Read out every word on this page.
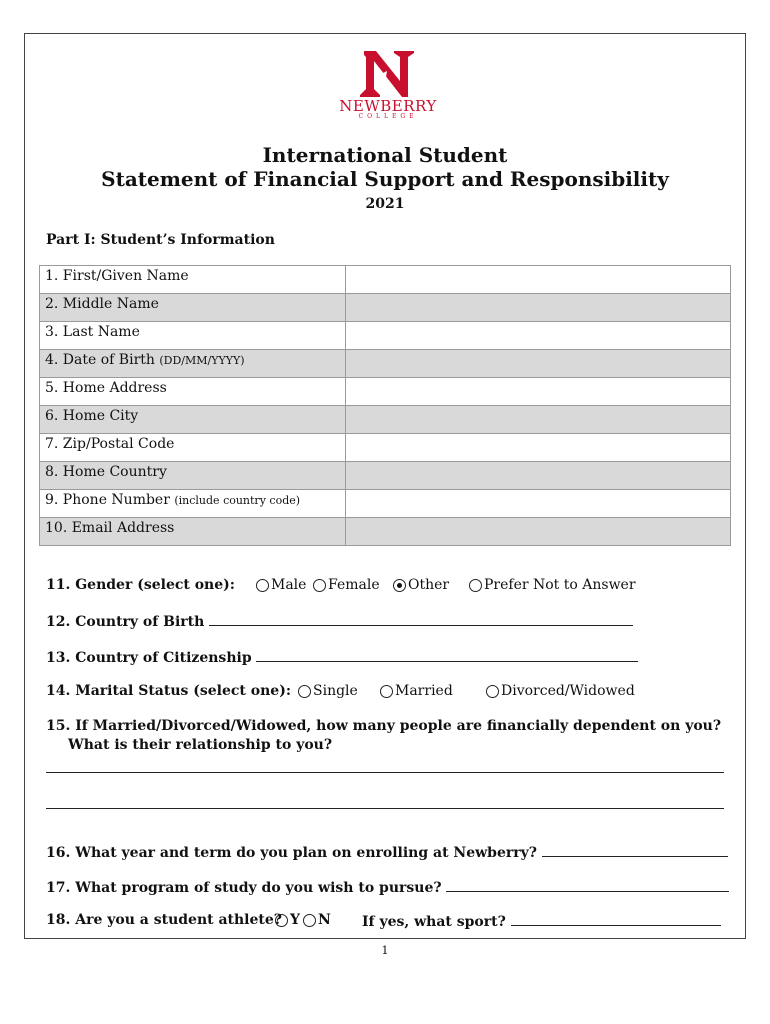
NEWBERRY
COLLEGE
International Student
Statement of Financial Support and Responsibility
2021
Part I: Student’s Information
1. First/Given Name	
2. Middle Name	
3. Last Name	
4. Date of Birth (DD/MM/YYYY)	
5. Home Address	
6. Home City	
7. Zip/Postal Code	
8. Home Country	
9. Phone Number (include country code)	
10. Email Address	
11. Gender (select one):	Male Female Other Prefer Not to Answer
12. Country of Birth
13. Country of Citizenship
14. Marital Status (select one): Single	Married	Divorced/Widowed
15. If Married/Divorced/Widowed, how many people are financially dependent on you?
What is their relationship to you?
16. What year and term do you plan on enrolling at Newberry?
17. What program of study do you wish to pursue?
18. Are you a student athlete? Y N If yes, what sport?
1
